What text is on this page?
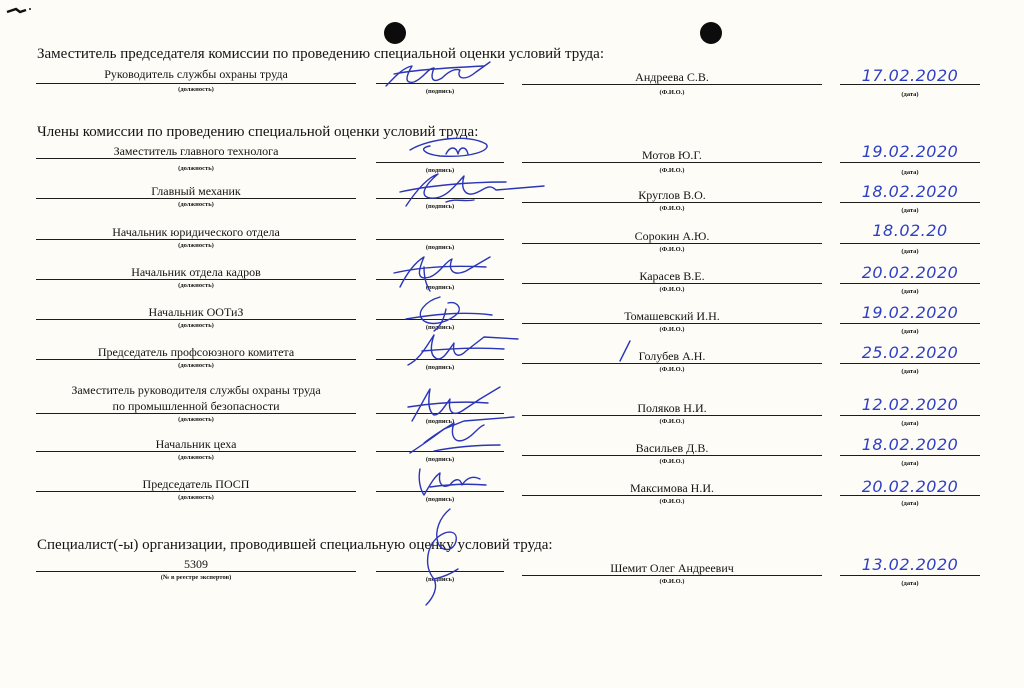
Заместитель председателя комиссии по проведению специальной оценки условий труда:
Руководитель службы охраны труда
(должность)	(подпись)
Андреева С.В.
(Ф.И.О.)
17.02.2020
(дата)
Члены комиссии по проведению специальной оценки условий труда:
Заместитель главного технолога
(должность)	(подпись)
Мотов Ю.Г.
(Ф.И.О.)
19.02.2020
(дата)
Главный механик
(должность)	(подпись)
Круглов В.О.
(Ф.И.О.)
18.02.2020
(дата)
Начальник юридического отдела
(должность)	(подпись)
Сорокин А.Ю.
(Ф.И.О.)
18.02.20
(дата)
Начальник отдела кадров
(должность)	(подпись)
Карасев В.Е.
(Ф.И.О.)
20.02.2020
(дата)
Начальник ООТиЗ
(должность)	(подпись)
Томашевский И.Н.
(Ф.И.О.)
19.02.2020
(дата)
Председатель профсоюзного комитета
(должность)	(подпись)
Голубев А.Н.
(Ф.И.О.)
25.02.2020
(дата)
Заместитель руководителя службы охраны труда
по промышленной безопасности
(должность)	(подпись)
Поляков Н.И.
(Ф.И.О.)
12.02.2020
(дата)
Начальник цеха
(должность)	(подпись)
Васильев Д.В.
(Ф.И.О.)
18.02.2020
(дата)
Председатель ПОСП
(должность)	(подпись)
Максимова Н.И.
(Ф.И.О.)
20.02.2020
(дата)
Специалист(-ы) организации, проводившей специальную оценку условий труда:
5309
(№ в реестре экспертов)	(подпись)
Шемит Олег Андреевич
(Ф.И.О.)
13.02.2020
(дата)
